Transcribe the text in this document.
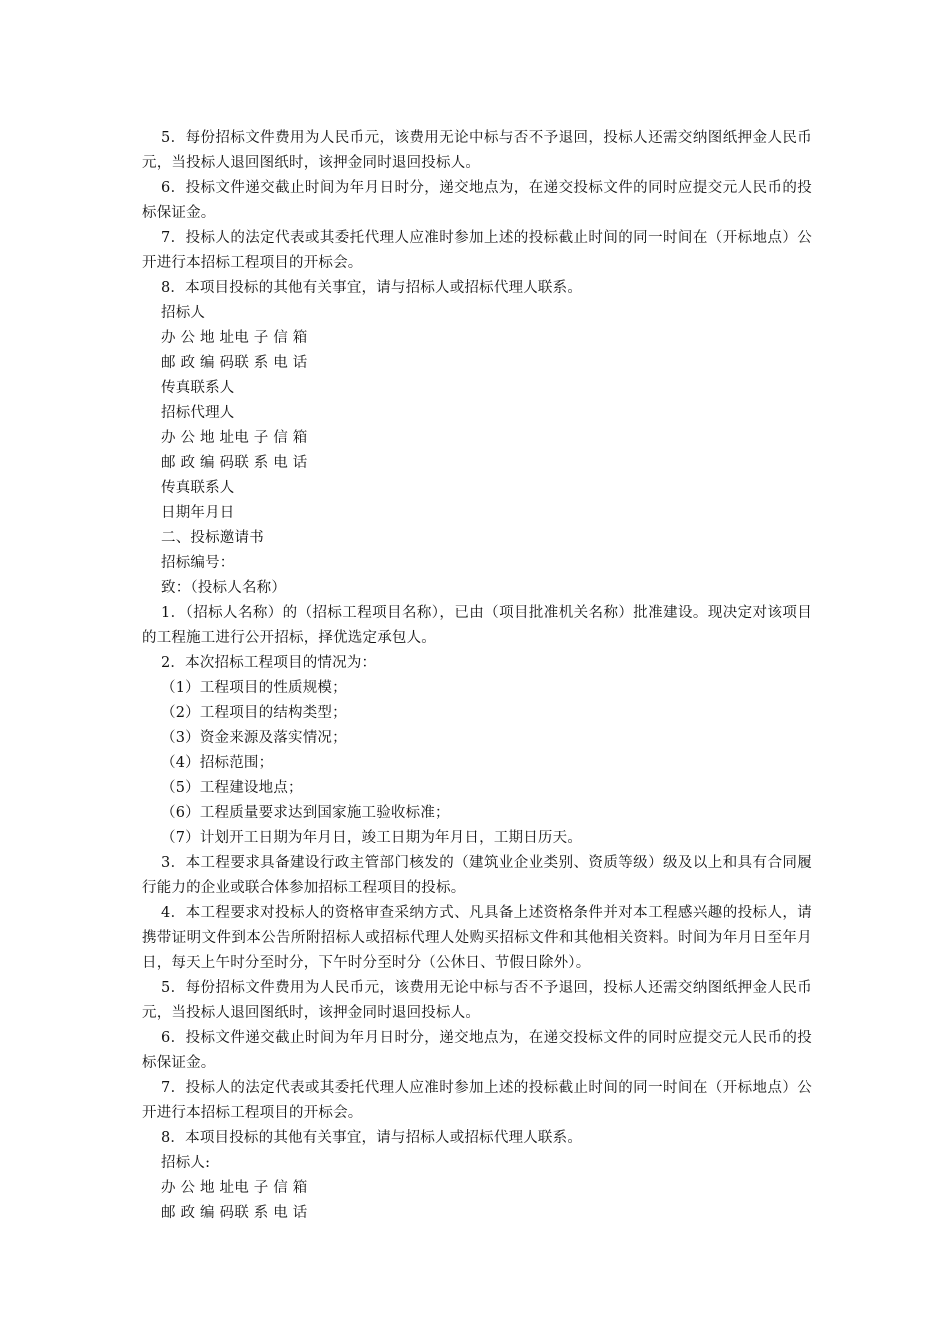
5．每份招标文件费用为人民币元，该费用无论中标与否不予退回，投标人还需交纳图纸押金人民币元，当投标人退回图纸时，该押金同时退回投标人。

6．投标文件递交截止时间为年月日时分，递交地点为，在递交投标文件的同时应提交元人民币的投标保证金。

7．投标人的法定代表或其委托代理人应准时参加上述的投标截止时间的同一时间在（开标地点）公开进行本招标工程项目的开标会。

8．本项目投标的其他有关事宜，请与招标人或招标代理人联系。

招标人

办 公 地 址电 子 信 箱

邮 政 编 码联 系 电 话

传真联系人

招标代理人

办 公 地 址电 子 信 箱

邮 政 编 码联 系 电 话

传真联系人

日期年月日

二、投标邀请书

招标编号：

致：（投标人名称）

1．（招标人名称）的（招标工程项目名称），已由（项目批准机关名称）批准建设。现决定对该项目的工程施工进行公开招标，择优选定承包人。

2．本次招标工程项目的情况为：

（1）工程项目的性质规模；

（2）工程项目的结构类型；

（3）资金来源及落实情况；

（4）招标范围；

（5）工程建设地点；

（6）工程质量要求达到国家施工验收标准；

（7）计划开工日期为年月日，竣工日期为年月日，工期日历天。

3．本工程要求具备建设行政主管部门核发的（建筑业企业类别、资质等级）级及以上和具有合同履行能力的企业或联合体参加招标工程项目的投标。

4．本工程要求对投标人的资格审查采纳方式、凡具备上述资格条件并对本工程感兴趣的投标人，请携带证明文件到本公告所附招标人或招标代理人处购买招标文件和其他相关资料。时间为年月日至年月日，每天上午时分至时分，下午时分至时分（公休日、节假日除外）。

5．每份招标文件费用为人民币元，该费用无论中标与否不予退回，投标人还需交纳图纸押金人民币元，当投标人退回图纸时，该押金同时退回投标人。

6．投标文件递交截止时间为年月日时分，递交地点为，在递交投标文件的同时应提交元人民币的投标保证金。

7．投标人的法定代表或其委托代理人应准时参加上述的投标截止时间的同一时间在（开标地点）公开进行本招标工程项目的开标会。

8．本项目投标的其他有关事宜，请与招标人或招标代理人联系。

招标人:

办 公 地 址电 子 信 箱

邮 政 编 码联 系 电 话
